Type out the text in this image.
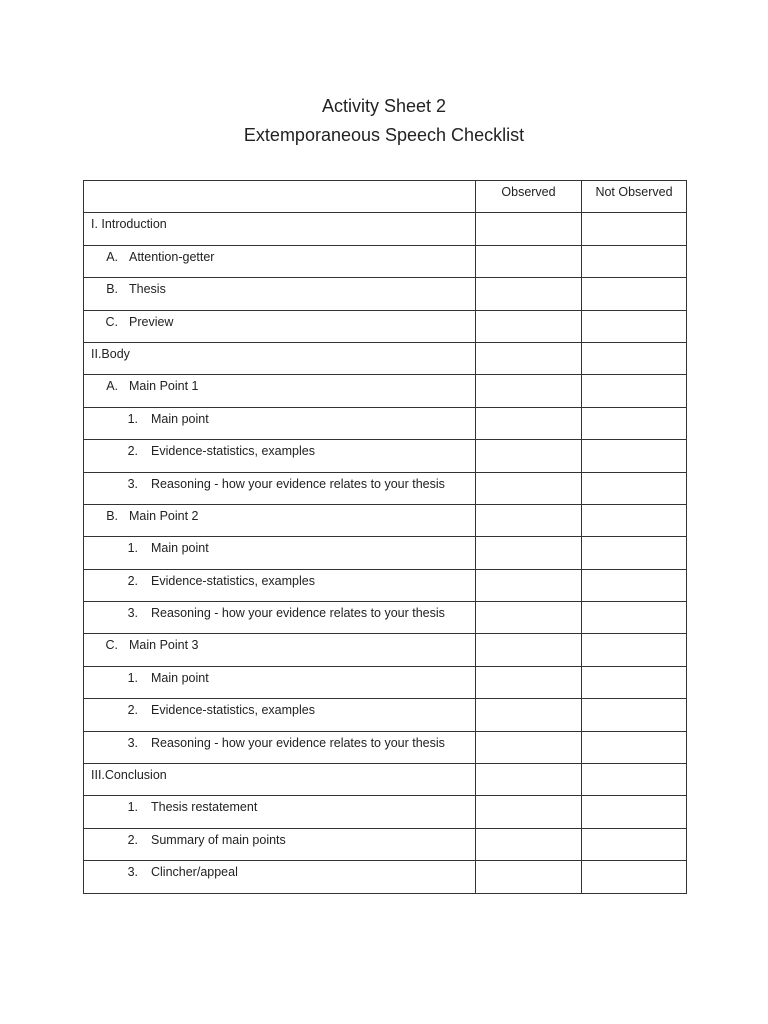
Activity Sheet 2
Extemporaneous Speech Checklist

	Observed	Not Observed

I. Introduction		

A. Attention-getter		

B. Thesis		

C. Preview		

II.Body		

A. Main Point 1		

1. Main point		

2. Evidence-statistics, examples		

3. Reasoning - how your evidence relates to your thesis		

B. Main Point 2		

1. Main point		

2. Evidence-statistics, examples		

3. Reasoning - how your evidence relates to your thesis		

C. Main Point 3		

1. Main point		

2. Evidence-statistics, examples		

3. Reasoning - how your evidence relates to your thesis		

III.Conclusion		

1. Thesis restatement		

2. Summary of main points		

3. Clincher/appeal		
